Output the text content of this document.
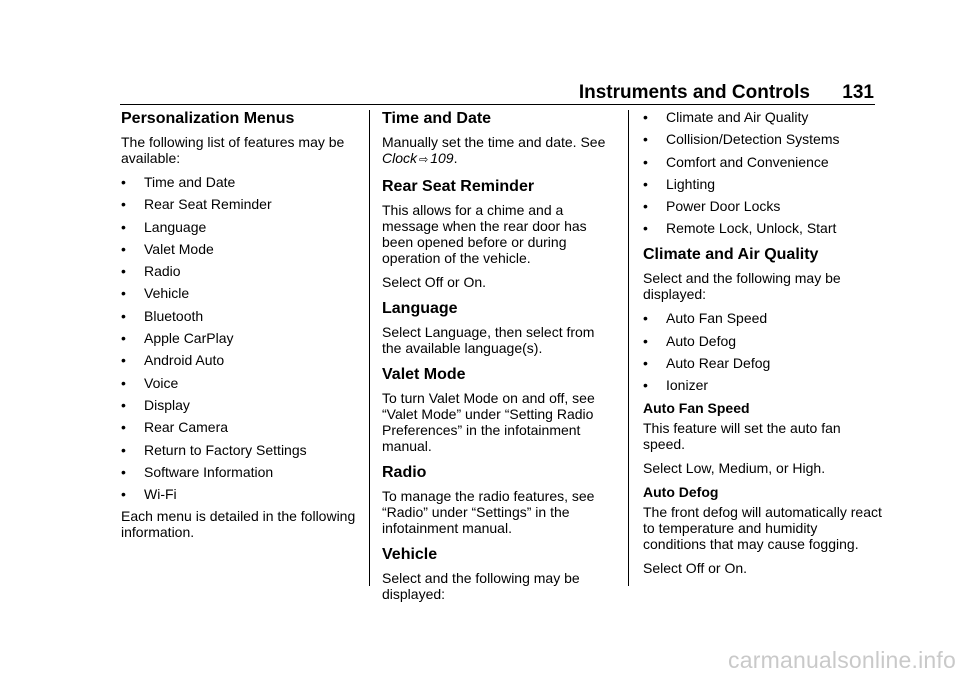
Instruments and Controls 131
Personalization Menus

The following list of features may be available:

• Time and Date
• Rear Seat Reminder
• Language
• Valet Mode
• Radio
• Vehicle
• Bluetooth
• Apple CarPlay
• Android Auto
• Voice
• Display
• Rear Camera
• Return to Factory Settings
• Software Information
• Wi-Fi

Each menu is detailed in the following information.

Time and Date

Manually set the time and date. See Clock ⇨ 109.

Rear Seat Reminder

This allows for a chime and a message when the rear door has been opened before or during operation of the vehicle.

Select Off or On.

Language

Select Language, then select from the available language(s).

Valet Mode

To turn Valet Mode on and off, see “Valet Mode” under “Setting Radio Preferences” in the infotainment manual.

Radio

To manage the radio features, see “Radio” under “Settings” in the infotainment manual.

Vehicle

Select and the following may be displayed:

• Climate and Air Quality
• Collision/Detection Systems
• Comfort and Convenience
• Lighting
• Power Door Locks
• Remote Lock, Unlock, Start
Climate and Air Quality

Select and the following may be displayed:

• Auto Fan Speed
• Auto Defog
• Auto Rear Defog
• Ionizer
Auto Fan Speed

This feature will set the auto fan speed.

Select Low, Medium, or High.

Auto Defog

The front defog will automatically react to temperature and humidity conditions that may cause fogging.

Select Off or On.

carmanualsonline.info
